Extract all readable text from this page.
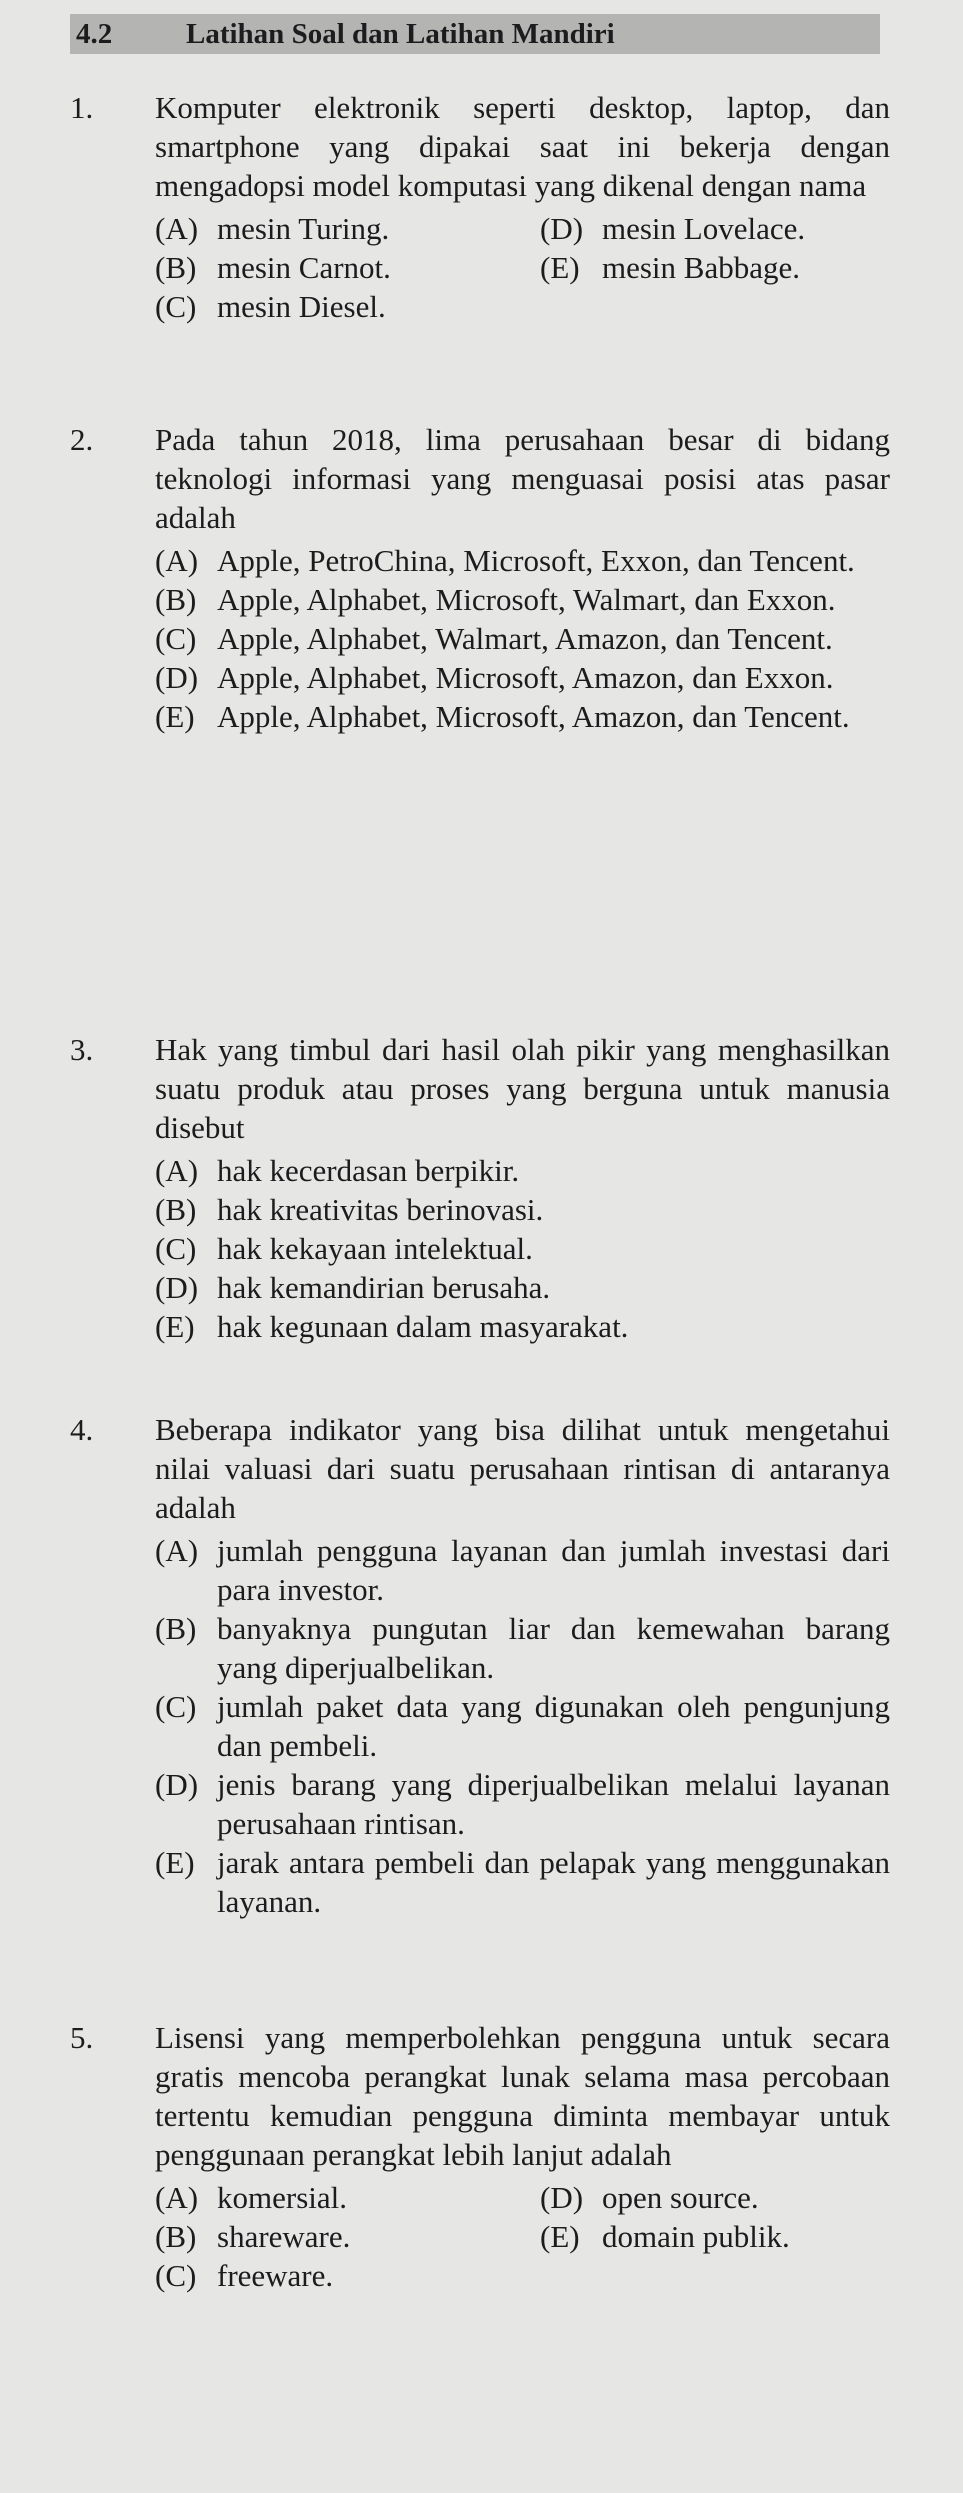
4.2	Latihan Soal dan Latihan Mandiri
1.	Komputer elektronik seperti desktop, laptop, dan smartphone yang dipakai saat ini bekerja dengan mengadopsi model komputasi yang dikenal dengan nama
(A) mesin Turing.	(D) mesin Lovelace.
(B) mesin Carnot.	(E) mesin Babbage.
(C) mesin Diesel.
2.	Pada tahun 2018, lima perusahaan besar di bidang teknologi informasi yang menguasai posisi atas pasar adalah
(A) Apple, PetroChina, Microsoft, Exxon, dan Tencent.
(B) Apple, Alphabet, Microsoft, Walmart, dan Exxon.
(C) Apple, Alphabet, Walmart, Amazon, dan Tencent.
(D) Apple, Alphabet, Microsoft, Amazon, dan Exxon.
(E) Apple, Alphabet, Microsoft, Amazon, dan Tencent.
3.	Hak yang timbul dari hasil olah pikir yang menghasilkan suatu produk atau proses yang berguna untuk manusia disebut
(A) hak kecerdasan berpikir.
(B) hak kreativitas berinovasi.
(C) hak kekayaan intelektual.
(D) hak kemandirian berusaha.
(E) hak kegunaan dalam masyarakat.
4.	Beberapa indikator yang bisa dilihat untuk mengetahui nilai valuasi dari suatu perusahaan rintisan di antaranya adalah
(A) jumlah pengguna layanan dan jumlah investasi dari para investor.
(B) banyaknya pungutan liar dan kemewahan barang yang diperjualbelikan.
(C) jumlah paket data yang digunakan oleh pengunjung dan pembeli.
(D) jenis barang yang diperjualbelikan melalui layanan perusahaan rintisan.
(E) jarak antara pembeli dan pelapak yang menggunakan layanan.
5.	Lisensi yang memperbolehkan pengguna untuk secara gratis mencoba perangkat lunak selama masa percobaan tertentu kemudian pengguna diminta membayar untuk penggunaan perangkat lebih lanjut adalah
(A) komersial.	(D) open source.
(B) shareware.	(E) domain publik.
(C) freeware.
